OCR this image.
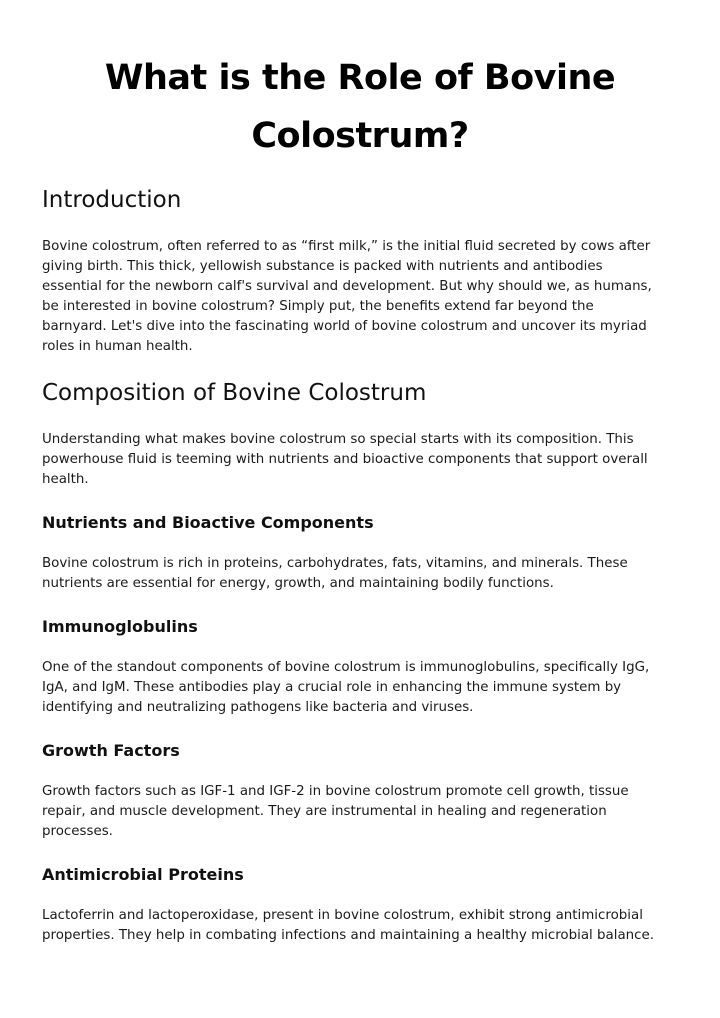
What is the Role of Bovine
Colostrum?
Introduction
Bovine colostrum, often referred to as “first milk,” is the initial fluid secreted by cows after
giving birth. This thick, yellowish substance is packed with nutrients and antibodies
essential for the newborn calf's survival and development. But why should we, as humans,
be interested in bovine colostrum? Simply put, the benefits extend far beyond the
barnyard. Let's dive into the fascinating world of bovine colostrum and uncover its myriad
roles in human health.
Composition of Bovine Colostrum
Understanding what makes bovine colostrum so special starts with its composition. This
powerhouse fluid is teeming with nutrients and bioactive components that support overall
health.
Nutrients and Bioactive Components
Bovine colostrum is rich in proteins, carbohydrates, fats, vitamins, and minerals. These
nutrients are essential for energy, growth, and maintaining bodily functions.
Immunoglobulins
One of the standout components of bovine colostrum is immunoglobulins, specifically IgG,
IgA, and IgM. These antibodies play a crucial role in enhancing the immune system by
identifying and neutralizing pathogens like bacteria and viruses.
Growth Factors
Growth factors such as IGF-1 and IGF-2 in bovine colostrum promote cell growth, tissue
repair, and muscle development. They are instrumental in healing and regeneration
processes.
Antimicrobial Proteins
Lactoferrin and lactoperoxidase, present in bovine colostrum, exhibit strong antimicrobial
properties. They help in combating infections and maintaining a healthy microbial balance.
